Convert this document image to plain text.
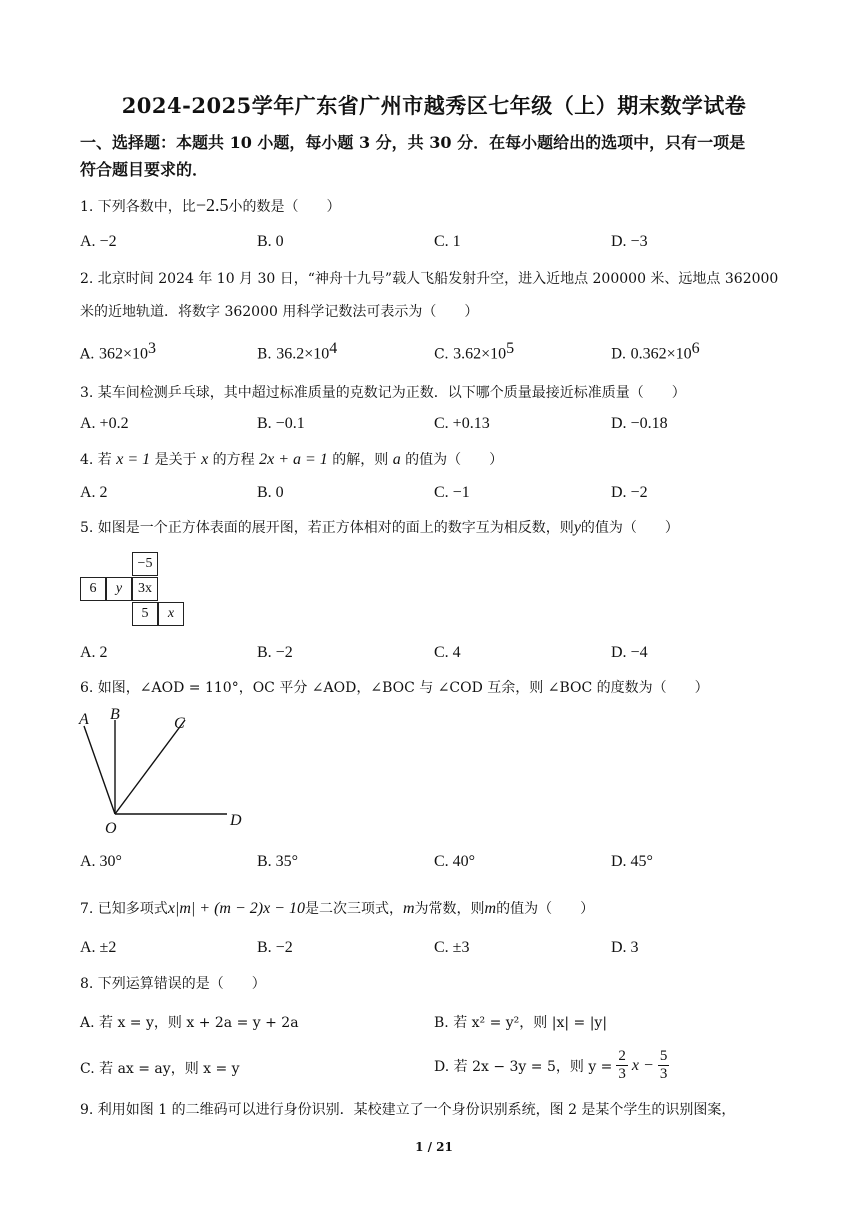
2024-2025学年广东省广州市越秀区七年级（上）期末数学试卷
一、选择题：本题共 10 小题，每小题 3 分，共 30 分．在每小题给出的选项中，只有一项是
符合题目要求的．
1. 下列各数中，比−2.5小的数是（　　）
A. −2	B. 0	C. 1	D. −3
2. 北京时间 2024 年 10 月 30 日，“神舟十九号”载人飞船发射升空，进入近地点 200000 米、远地点 362000
米的近地轨道．将数字 362000 用科学记数法可表示为（　　）
A. $362\times 10^3$	B. $36.2\times 10^4$	C. $3.62\times 10^5$	D. $0.362\times 10^6$
3. 某车间检测乒乓球，其中超过标准质量的克数记为正数．以下哪个质量最接近标准质量（　　）
A. +0.2	B. −0.1	C. +0.13	D. −0.18
4. 若 x = 1 是关于 x 的方程 2x + a = 1 的解，则 a 的值为（　　）
A. 2	B. 0	C. −1	D. −2
5. 如图是一个正方体表面的展开图，若正方体相对的面上的数字互为相反数，则y的值为（　　）
−5
6	y	3x
5	x
A. 2	B. −2	C. 4	D. −4
6. 如图，∠AOD = 110°，OC 平分 ∠AOD，∠BOC 与 ∠COD 互余，则 ∠BOC 的度数为（　　）
A B
C
O	D
A. 30°	B. 35°	C. 40°	D. 45°
7. 已知多项式x|m| + (m − 2)x − 10是二次三项式，m为常数，则m的值为（　　）
A. ±2	B. −2	C. ±3	D. 3
8. 下列运算错误的是（　　）
A. 若 x = y，则 x + 2a = y + 2a	B. 若 x² = y²，则 |x| = |y|
C. 若 ax = ay，则 x = y	D. 若 2x − 3y = 5，则 $y = \frac{2}{3}$ $x - \frac{5}{3}$
9. 利用如图 1 的二维码可以进行身份识别．某校建立了一个身份识别系统，图 2 是某个学生的识别图案，
1 / 21
